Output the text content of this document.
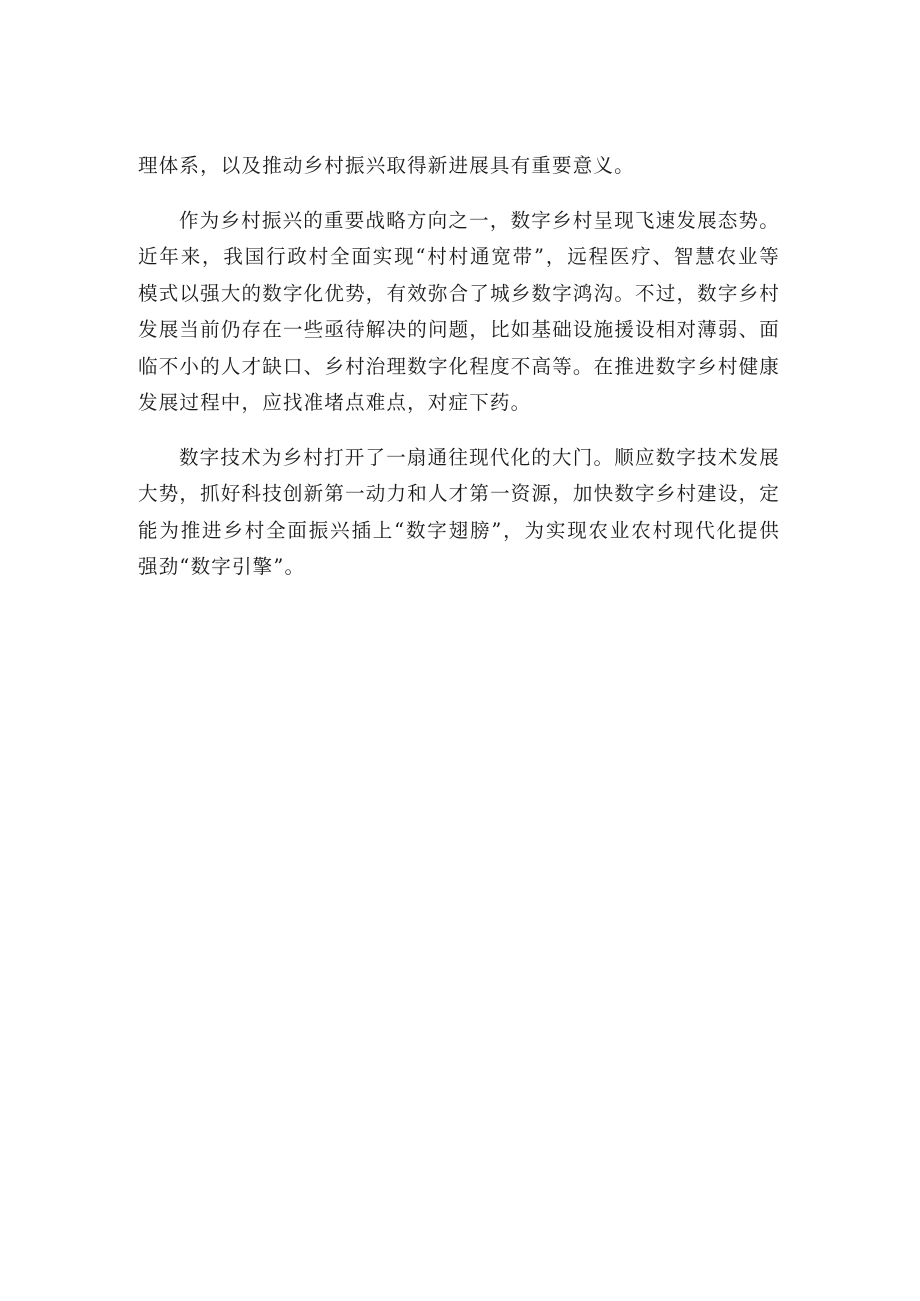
理体系，以及推动乡村振兴取得新进展具有重要意义。

作为乡村振兴的重要战略方向之一，数字乡村呈现飞速发展态势。近年来，我国行政村全面实现“村村通宽带”，远程医疗、智慧农业等模式以强大的数字化优势，有效弥合了城乡数字鸿沟。不过，数字乡村发展当前仍存在一些亟待解决的问题，比如基础设施援设相对薄弱、面临不小的人才缺口、乡村治理数字化程度不高等。在推进数字乡村健康发展过程中，应找准堵点难点，对症下药。

数字技术为乡村打开了一扇通往现代化的大门。顺应数字技术发展大势，抓好科技创新第一动力和人才第一资源，加快数字乡村建设，定能为推进乡村全面振兴插上“数字翅膀”，为实现农业农村现代化提供强劲“数字引擎”。
